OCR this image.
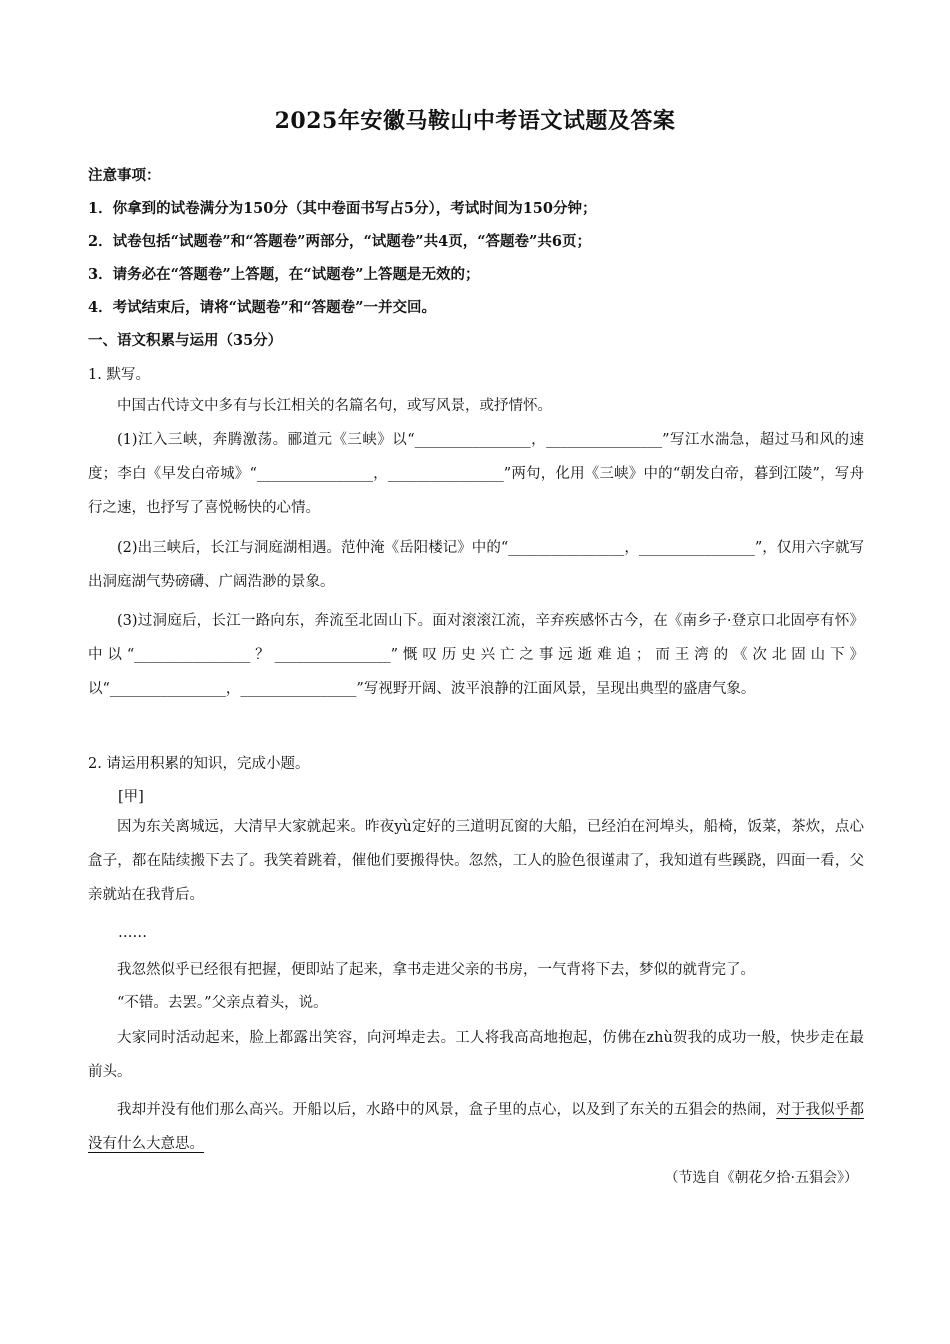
2025年安徽马鞍山中考语文试题及答案
注意事项：
1．你拿到的试卷满分为150分（其中卷面书写占5分），考试时间为150分钟；
2．试卷包括“试题卷”和“答题卷”两部分，“试题卷”共4页，“答题卷”共6页；
3．请务必在“答题卷”上答题，在“试题卷”上答题是无效的；
4．考试结束后，请将“试题卷”和“答题卷”一并交回。
一、语文积累与运用（35分）
1. 默写。
中国古代诗文中多有与长江相关的名篇名句，或写风景，或抒情怀。
(1)江入三峡，奔腾激荡。郦道元《三峡》以“________________，________________”写江水湍急，超过马和风的速度；李白《早发白帝城》“________________，________________”两句，化用《三峡》中的“朝发白帝，暮到江陵”，写舟行之速，也抒写了喜悦畅快的心情。
(2)出三峡后，长江与洞庭湖相遇。范仲淹《岳阳楼记》中的“________________，________________”，仅用六字就写出洞庭湖气势磅礴、广阔浩渺的景象。
(3)过洞庭后，长江一路向东，奔流至北固山下。面对滚滚江流，辛弃疾感怀古今，在《南乡子·登京口北固亭有怀》中以“________________？________________”慨叹历史兴亡之事远逝难追；而王湾的《次北固山下》以“________________，________________”写视野开阔、波平浪静的江面风景，呈现出典型的盛唐气象。
2. 请运用积累的知识，完成小题。
[甲]
因为东关离城远，大清早大家就起来。昨夜yù定好的三道明瓦窗的大船，已经泊在河埠头，船椅，饭菜，茶炊，点心盒子，都在陆续搬下去了。我笑着跳着，催他们要搬得快。忽然，工人的脸色很谨肃了，我知道有些蹊跷，四面一看，父亲就站在我背后。
……
我忽然似乎已经很有把握，便即站了起来，拿书走进父亲的书房，一气背将下去，梦似的就背完了。
“不错。去罢。”父亲点着头，说。
大家同时活动起来，脸上都露出笑容，向河埠走去。工人将我高高地抱起，仿佛在zhù贺我的成功一般，快步走在最前头。
我却并没有他们那么高兴。开船以后，水路中的风景，盒子里的点心，以及到了东关的五猖会的热闹，对于我似乎都没有什么大意思。
（节选自《朝花夕拾·五猖会》）
